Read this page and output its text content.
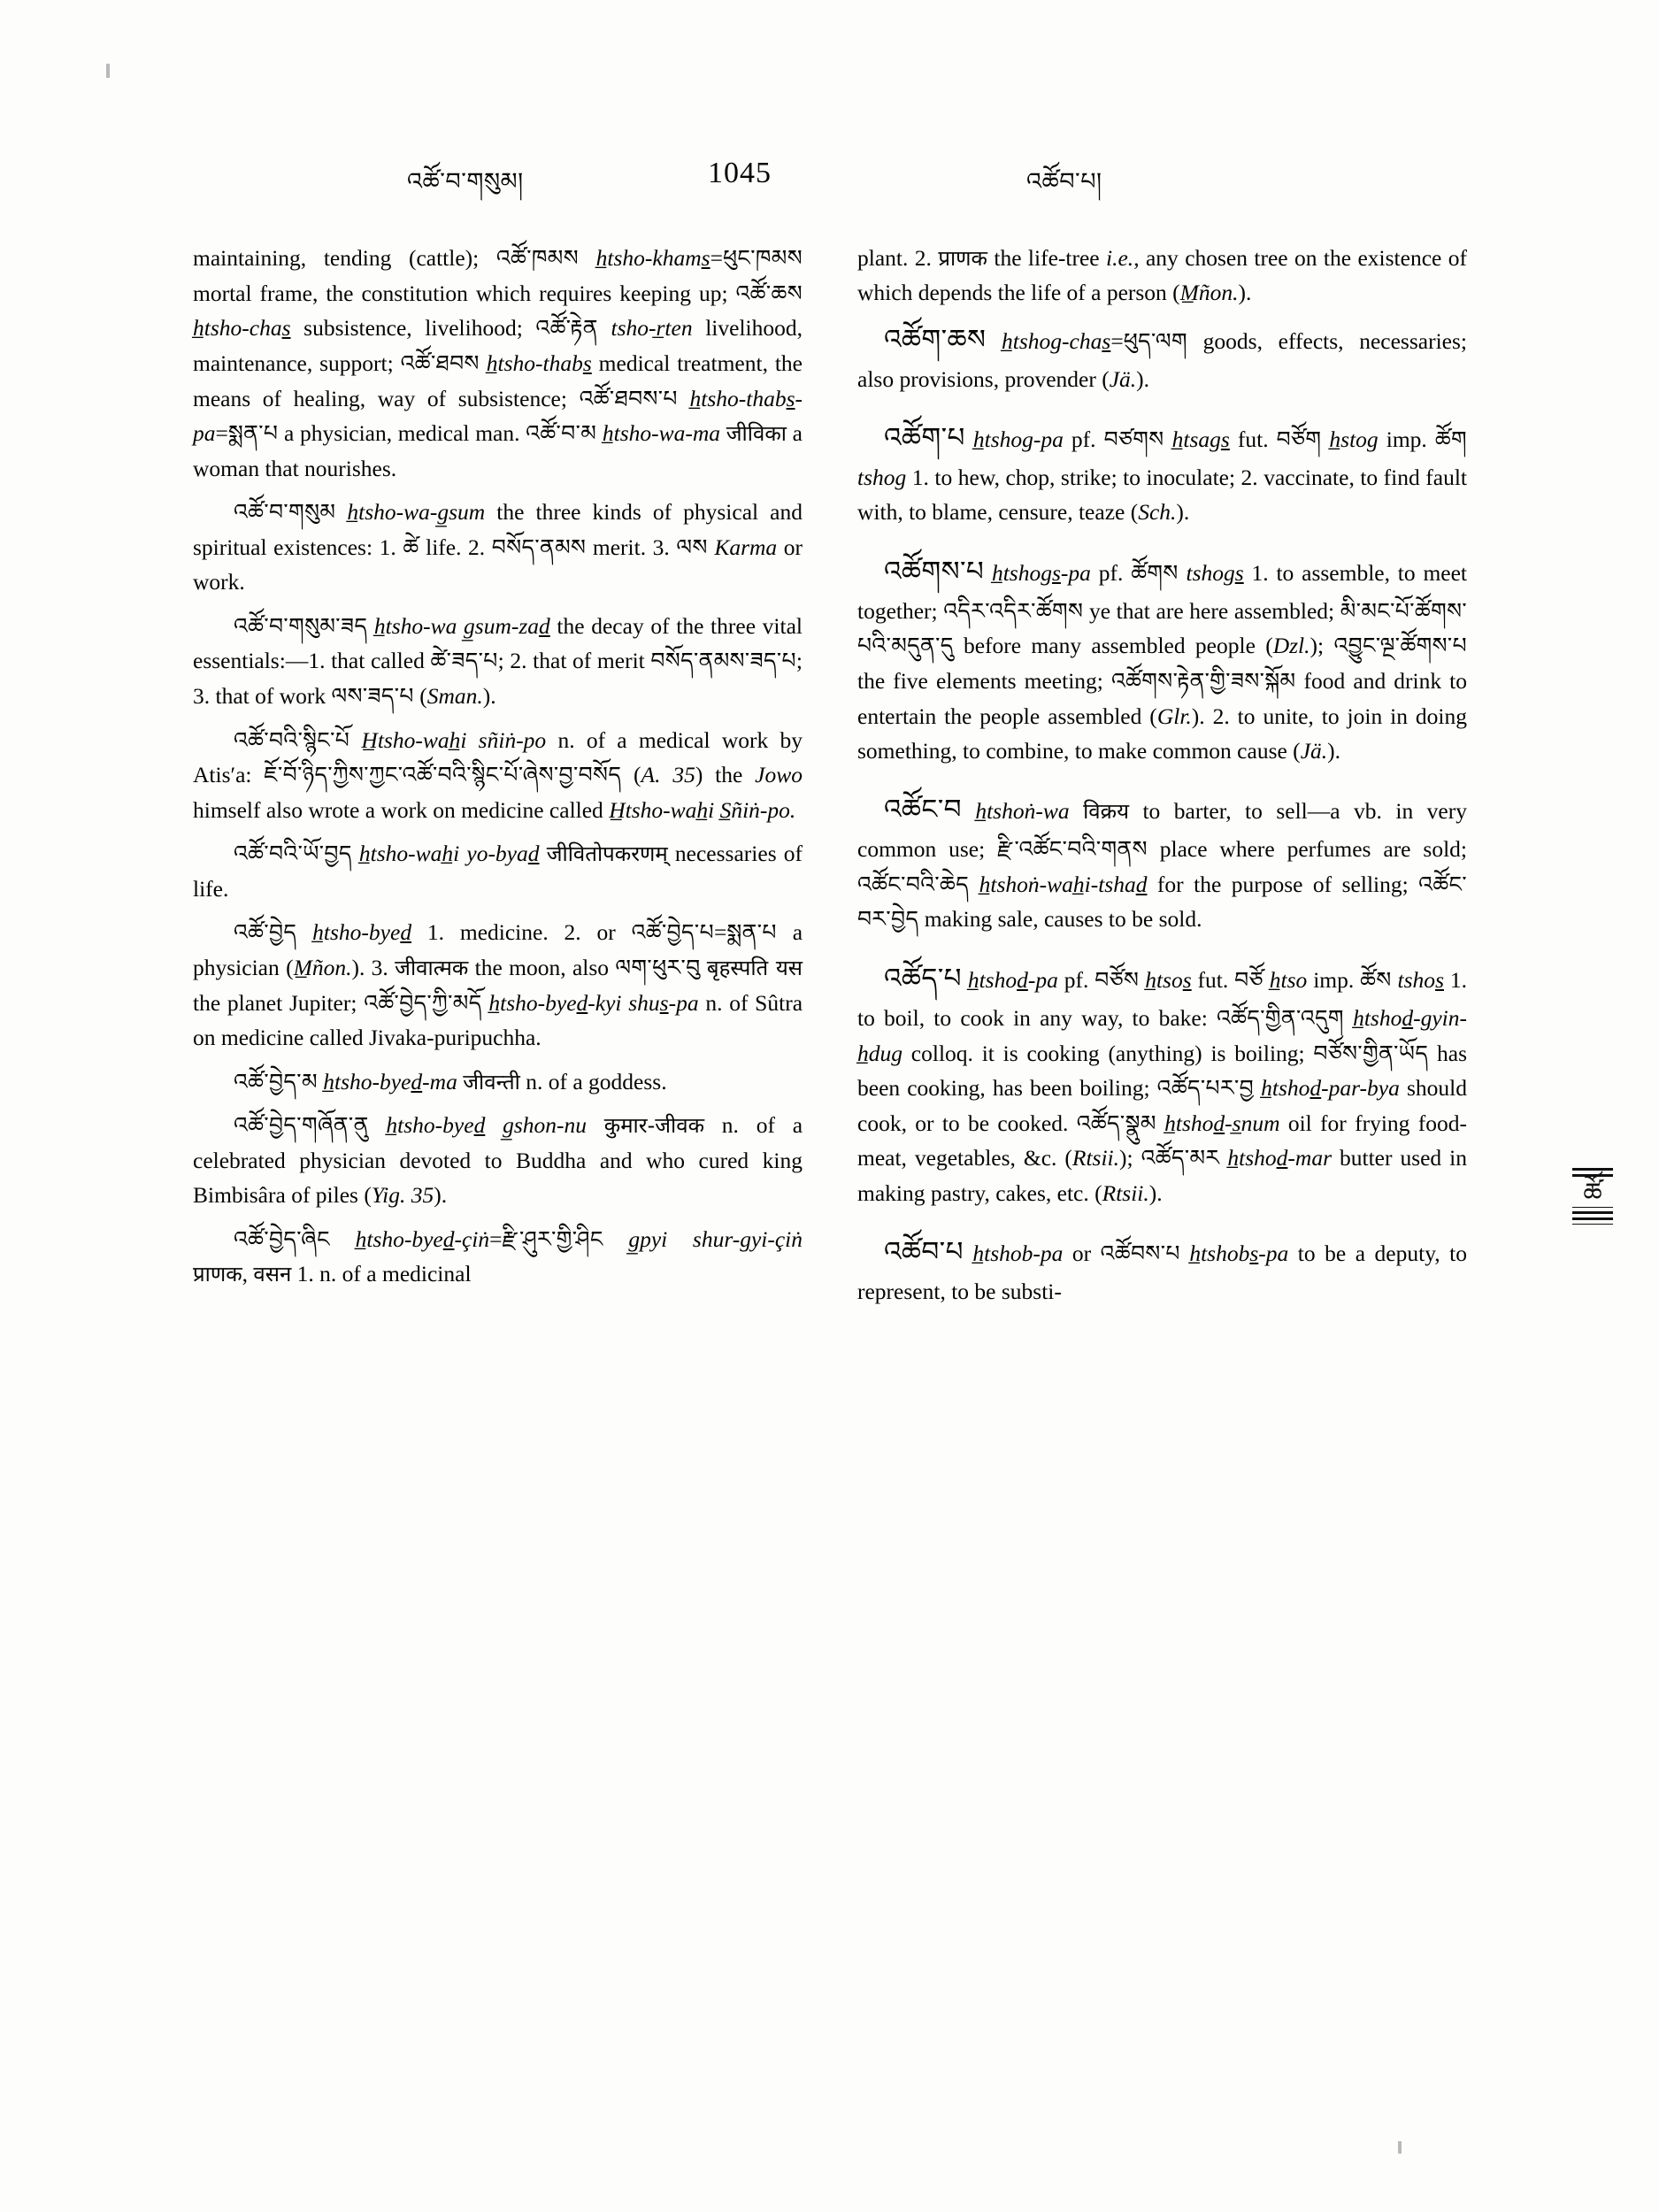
འཚོ་བ་གསུམ།	1045	འཚོབ་པ།

maintaining, tending (cattle); འཚོ་ཁམས h̲tsho-khams=ཕུང་ཁམས mortal frame, the constitution which requires keeping up; འཚོ་ཆས h̲tsho-chas subsistence, livelihood; འཚོ་རྟེན tsho-r̲ten livelihood, maintenance, support; འཚོ་ཐབས h̲tsho-thabs medical treatment, the means of healing, way of subsistence; འཚོ་ཐབས་པ h̲tsho-thabs-pa=སྨན་པ a physician, medical man. འཚོ་བ་མ h̲tsho-wa-ma जीविका a woman that nourishes.

འཚོ་བ་གསུམ h̲tsho-wa-g̲sum the three kinds of physical and spiritual existences: 1. ཚེ life. 2. བསོད་ནམས merit. 3. ལས Karma or work.

འཚོ་བ་གསུམ་ཟད h̲tsho-wa g̲sum-zad the decay of the three vital essentials:—1. that called ཚེ་ཟད་པ; 2. that of merit བསོད་ནམས་ཟད་པ; 3. that of work ལས་ཟད་པ (Sman.).

འཚོ་བའི་སྙིང་པོ H̲tsho-wah̲i sñiṅ-po n. of a medical work by Atis′a: ཇོ་བོ་ཉིད་ཀྱིས་ཀྱང་འཚོ་བའི་སྙིང་པོ་ཞེས་བྱ་བསོད (A. 35) the Jowo himself also wrote a work on medicine called H̲tsho-wah̲i S̲ñiṅ-po.

འཚོ་བའི་ཡོ་བྱད h̲tsho-wah̲i yo-byad जीवितोपकरणम् necessaries of life.

འཚོ་བྱེད h̲tsho-byed 1. medicine. 2. or འཚོ་བྱེད་པ=སྨན་པ a physician (M̲ñon.). 3. जीवात्मक the moon, also ལག་ཕུར་བུ बृहस्पति यस the planet Jupiter; འཚོ་བྱེད་ཀྱི་མདོ h̲tsho-byed-kyi shus-pa n. of Sûtra on medicine called Jivaka-puripuchha.

འཚོ་བྱེད་མ h̲tsho-byed-ma जीवन्ती n. of a goddess.

འཚོ་བྱེད་གཞོན་ནུ h̲tsho-byed g̲shon-nu कुमार-जीवक n. of a celebrated physician devoted to Buddha and who cured king Bimbisâra of piles (Yig. 35).

འཚོ་བྱེད་ཞིང h̲tsho-byed-çiṅ=རྫི་ཤུར་གྱི་ཤིང g̲pyi shur-gyi-çiṅ प्राणक, वसन 1. n. of a medicinal

plant. 2. प्राणक the life-tree i.e., any chosen tree on the existence of which depends the life of a person (M̲ñon.).

འཚོག་ཆས h̲tshog-chas=ཕུད་ལག goods, effects, necessaries; also provisions, provender (Jä.).

འཚོག་པ h̲tshog-pa pf. བཙགས h̲tsags fut. བཙོག h̲stog imp. ཚོག tshog 1. to hew, chop, strike; to inoculate; 2. vaccinate, to find fault with, to blame, censure, teaze (Sch.).

འཚོགས་པ h̲tshogs-pa pf. ཚོགས tshogs 1. to assemble, to meet together; འདིར་འདིར་ཚོགས ye that are here assembled; མི་མང་པོ་ཚོགས་པའི་མདུན་དུ before many assembled people (Dzl.); འབྱུང་ལྔ་ཚོགས་པ the five elements meeting; འཚོགས་རྟེན་གྱི་ཟས་སྐོམ food and drink to entertain the people assembled (Glr.). 2. to unite, to join in doing something, to combine, to make common cause (Jä.).

འཚོང་བ h̲tshoṅ-wa विक्रय to barter, to sell—a vb. in very common use; རྫི་འཚོང་བའི་གནས place where perfumes are sold; འཚོང་བའི་ཆེད h̲tshoṅ-wah̲i-tshad for the purpose of selling; འཚོང་བར་བྱེད making sale, causes to be sold.

འཚོད་པ h̲tshod-pa pf. བཙོས h̲tsos fut. བཙོ h̲tso imp. ཚོས tshos 1. to boil, to cook in any way, to bake: འཚོད་གྱིན་འདུག h̲tshod-gyin-h̲dug colloq. it is cooking (anything) is boiling; བཙོས་གྱིན་ཡོད has been cooking, has been boiling; འཚོད་པར་བྱ h̲tshod-par-bya should cook, or to be cooked. འཚོད་སྣུམ h̲tshod-s̲num oil for frying food-meat, vegetables, &c. (Rtsii.); འཚོད་མར h̲tshod-mar butter used in making pastry, cakes, etc. (Rtsii.).

འཚོབ་པ h̲tshob-pa or འཚོབས་པ h̲tshobs-pa to be a deputy, to represent, to be substi-

ཚོ
